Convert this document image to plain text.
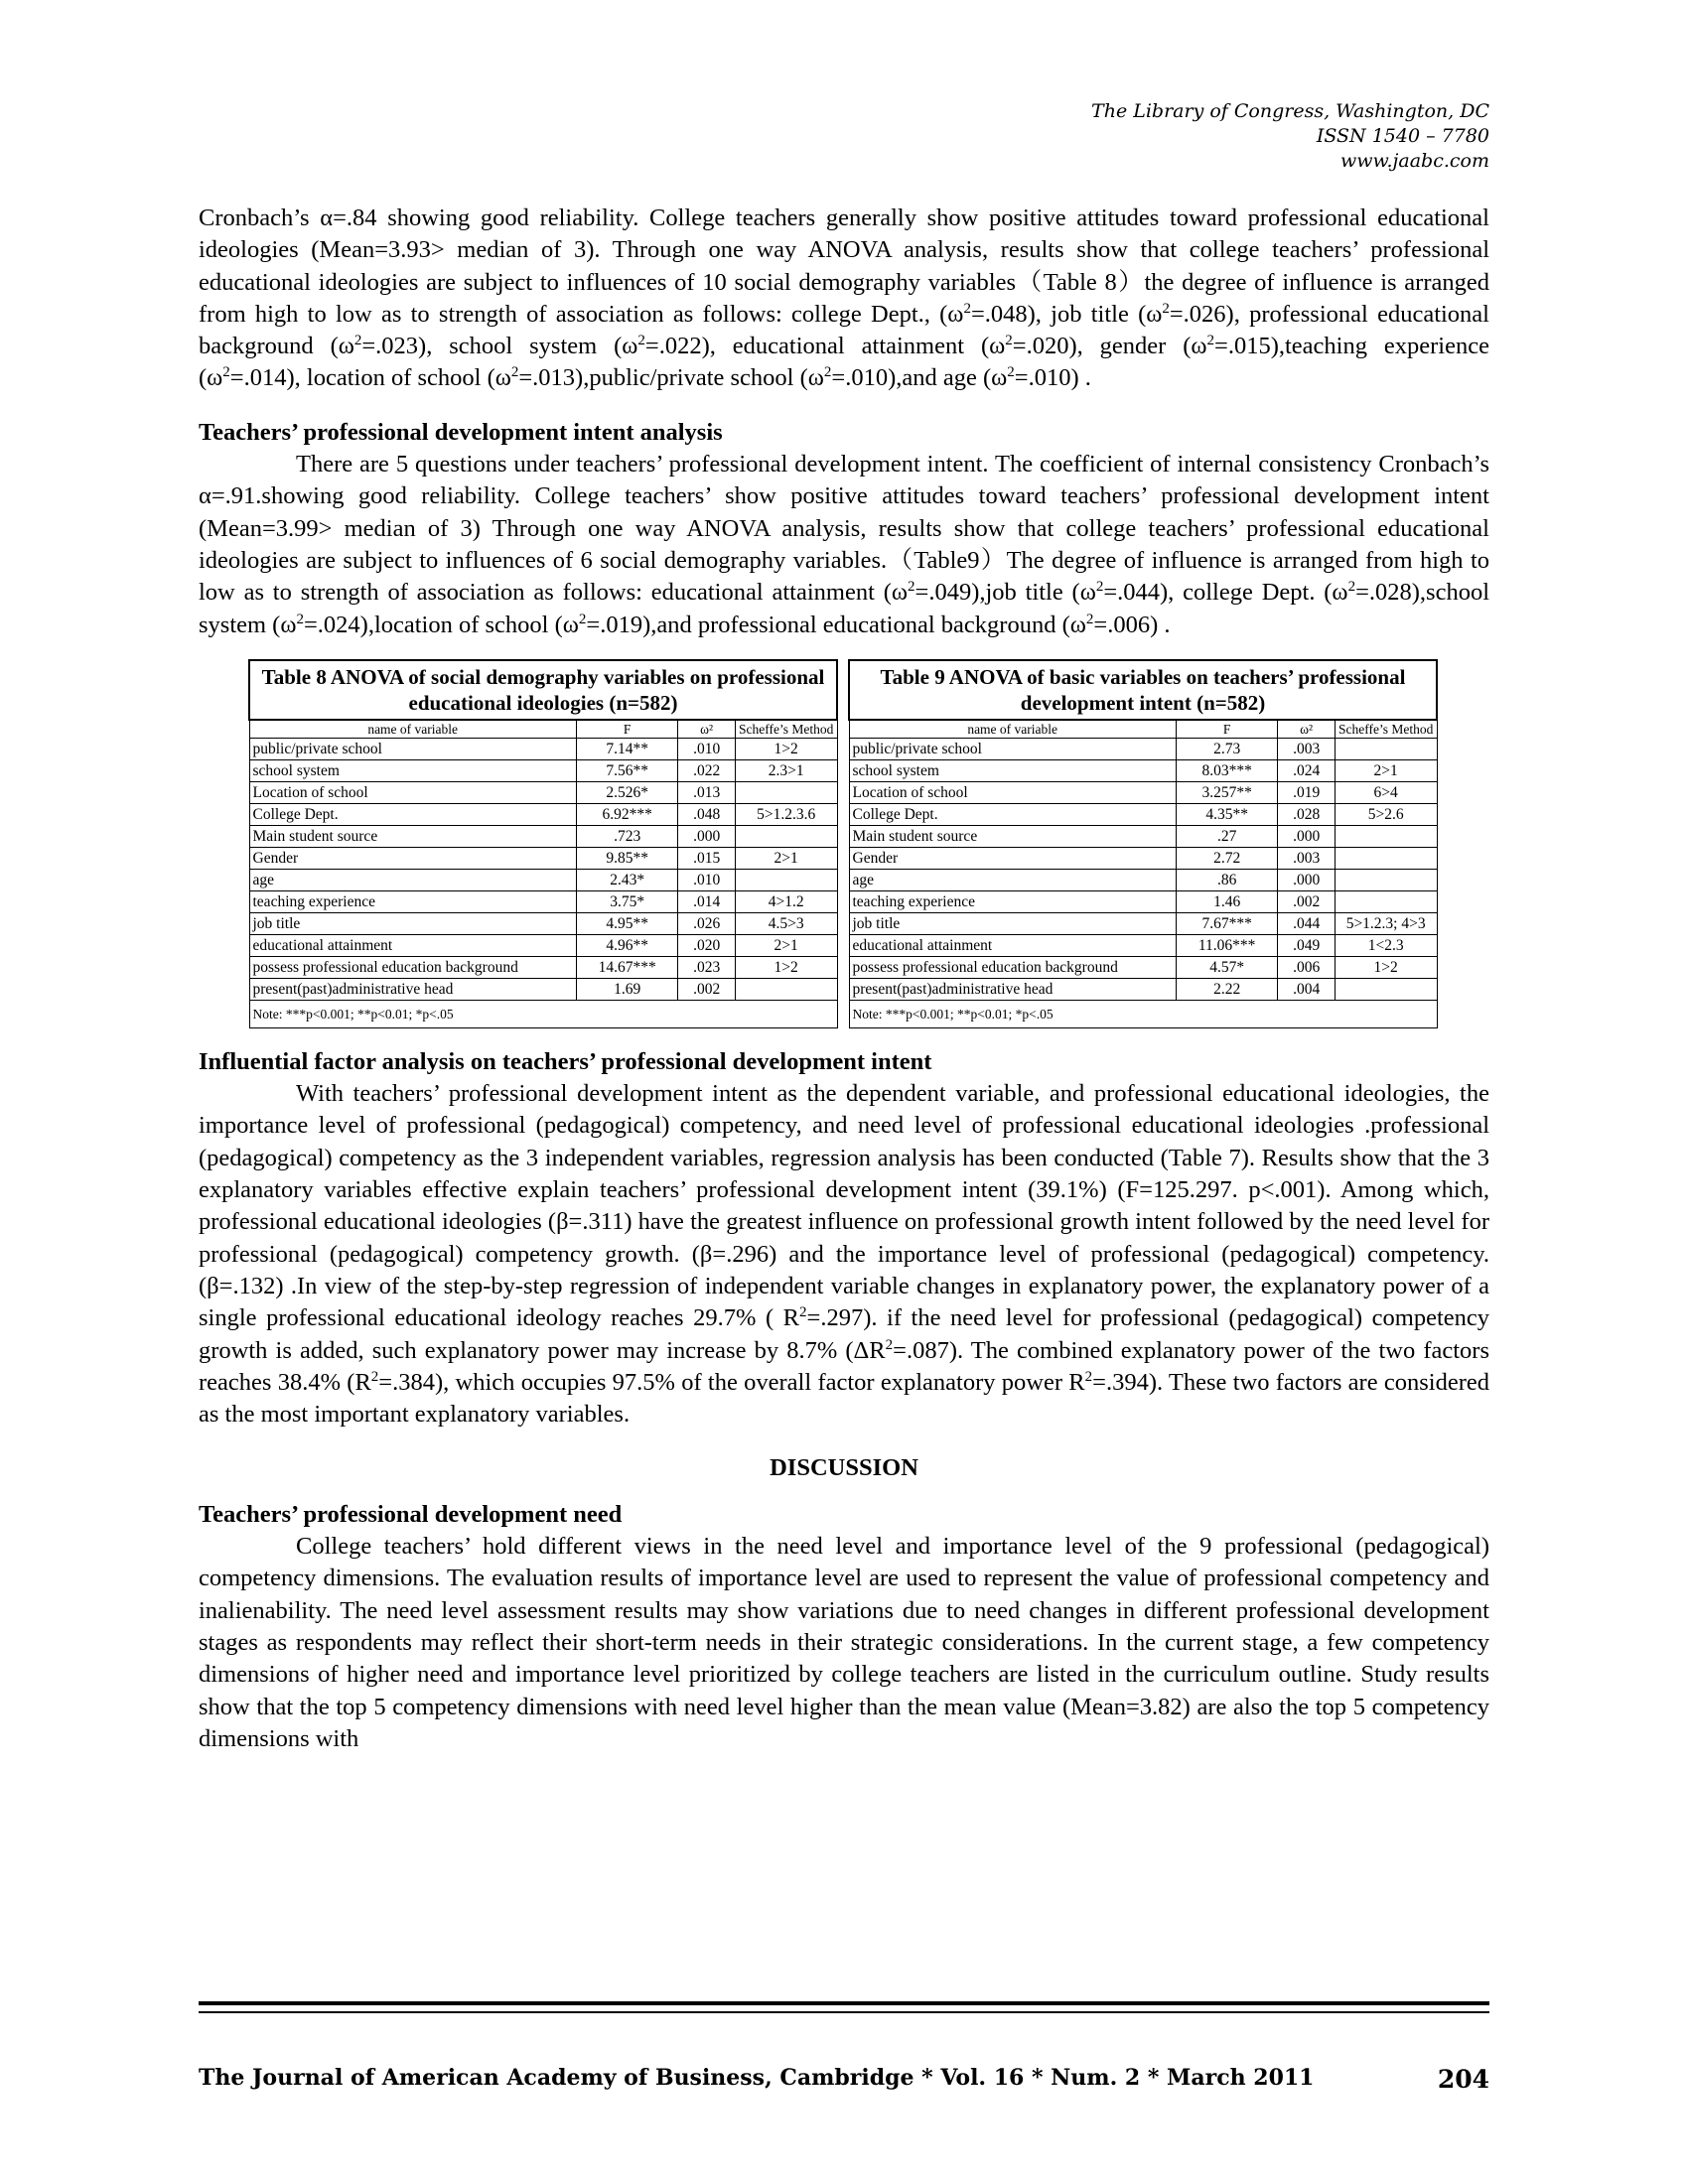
The Library of Congress, Washington, DC
ISSN 1540 – 7780
www.jaabc.com

Cronbach’s α=.84 showing good reliability. College teachers generally show positive attitudes toward professional educational ideologies (Mean=3.93> median of 3). Through one way ANOVA analysis, results show that college teachers’ professional educational ideologies are subject to influences of 10 social demography variables（Table 8）the degree of influence is arranged from high to low as to strength of association as follows: college Dept., $(\omega^2=.048)$, job title $(\omega^2=.026)$, professional educational background $(\omega^2=.023)$, school system $(\omega^2=.022)$, educational attainment $(\omega^2=.020)$, gender $(\omega^2=.015),teaching$ experience $(\omega^2=.014)$, location of school $(\omega^2=.013),public$/private school $(\omega^2=.010),and$ age $(\omega^2=.010)$ .

Teachers’ professional development intent analysis

There are 5 questions under teachers’ professional development intent. The coefficient of internal consistency Cronbach’s α=.91.showing good reliability. College teachers’ show positive attitudes toward teachers’ professional development intent (Mean=3.99> median of 3) Through one way ANOVA analysis, results show that college teachers’ professional educational ideologies are subject to influences of 6 social demography variables.（Table9）The degree of influence is arranged from high to low as to strength of association as follows: educational attainment $(\omega^2=.049),job$ title $(\omega^2=.044)$, college Dept. $(\omega^2=.028),school$ system $(\omega^2=.024),location$ of school $(\omega^2=.019),and$ professional educational background $(\omega^2=.006)$ .

Table 8 ANOVA of social demography variables on professional educational ideologies (n=582)			
name of variable	F	ω²	Scheffe’s Method
public/private school	7.14**	.010	1>2
school system	7.56**	.022	2.3>1
Location of school	2.526*	.013	
College Dept.	6.92***	.048	5>1.2.3.6
Main student source	.723	.000	
Gender	9.85**	.015	2>1
age	2.43*	.010	
teaching experience	3.75*	.014	4>1.2
job title	4.95**	.026	4.5>3
educational attainment	4.96**	.020	2>1
possess professional education background	14.67***	.023	1>2
present(past)administrative head	1.69	.002	
Note: ***p<0.001; **p<0.01; *p<.05			
Table 9 ANOVA of basic variables on teachers’ professional development intent (n=582)			
name of variable	F	ω²	Scheffe’s Method
public/private school	2.73	.003	
school system	8.03***	.024	2>1
Location of school	3.257**	.019	6>4
College Dept.	4.35**	.028	5>2.6
Main student source	.27	.000	
Gender	2.72	.003	
age	.86	.000	
teaching experience	1.46	.002	
job title	7.67***	.044	5>1.2.3; 4>3
educational attainment	11.06***	.049	1<2.3
possess professional education background	4.57*	.006	1>2
present(past)administrative head	2.22	.004	
Note: ***p<0.001; **p<0.01; *p<.05			
Influential factor analysis on teachers’ professional development intent

With teachers’ professional development intent as the dependent variable, and professional educational ideologies, the importance level of professional (pedagogical) competency, and need level of professional educational ideologies .professional (pedagogical) competency as the 3 independent variables, regression analysis has been conducted (Table 7). Results show that the 3 explanatory variables effective explain teachers’ professional development intent (39.1%) (F=125.297. p<.001). Among which, professional educational ideologies (β=.311) have the greatest influence on professional growth intent followed by the need level for professional (pedagogical) competency growth. (β=.296) and the importance level of professional (pedagogical) competency. (β=.132) .In view of the step-by-step regression of independent variable changes in explanatory power, the explanatory power of a single professional educational ideology reaches 29.7% ( $R^2=.297$). if the need level for professional (pedagogical) competency growth is added, such explanatory power may increase by 8.7% $(\Delta R^2=.087)$. The combined explanatory power of the two factors reaches 38.4% $(R^2=.384)$, which occupies 97.5% of the overall factor explanatory power $R^2=.394$). These two factors are considered as the most important explanatory variables.

DISCUSSION
Teachers’ professional development need

College teachers’ hold different views in the need level and importance level of the 9 professional (pedagogical) competency dimensions. The evaluation results of importance level are used to represent the value of professional competency and inalienability. The need level assessment results may show variations due to need changes in different professional development stages as respondents may reflect their short-term needs in their strategic considerations. In the current stage, a few competency dimensions of higher need and importance level prioritized by college teachers are listed in the curriculum outline. Study results show that the top 5 competency dimensions with need level higher than the mean value (Mean=3.82) are also the top 5 competency dimensions with

The Journal of American Academy of Business, Cambridge * Vol. 16 * Num. 2 * March 2011	204
